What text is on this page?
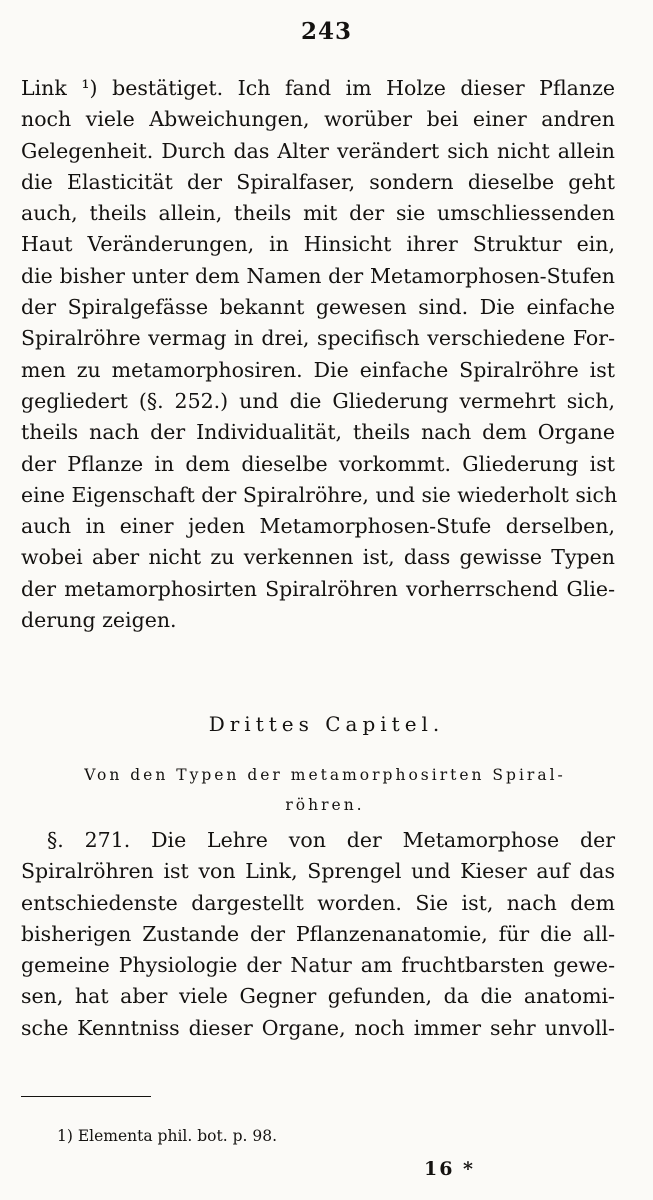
243
Link ¹) bestätiget. Ich fand im Holze dieser Pflanze
noch viele Abweichungen, worüber bei einer andren
Gelegenheit. Durch das Alter verändert sich nicht allein
die Elasticität der Spiralfaser, sondern dieselbe geht
auch, theils allein, theils mit der sie umschliessenden
Haut Veränderungen, in Hinsicht ihrer Struktur ein,
die bisher unter dem Namen der Metamorphosen-Stufen
der Spiralgefässe bekannt gewesen sind. Die einfache
Spiralröhre vermag in drei, specifisch verschiedene For-
men zu metamorphosiren. Die einfache Spiralröhre ist
gegliedert (§. 252.) und die Gliederung vermehrt sich,
theils nach der Individualität, theils nach dem Organe
der Pflanze in dem dieselbe vorkommt. Gliederung ist
eine Eigenschaft der Spiralröhre, und sie wiederholt sich
auch in einer jeden Metamorphosen-Stufe derselben,
wobei aber nicht zu verkennen ist, dass gewisse Typen
der metamorphosirten Spiralröhren vorherrschend Glie-
derung zeigen.
Drittes Capitel.
Von den Typen der metamorphosirten Spiral-
röhren.
§. 271. Die Lehre von der Metamorphose der
Spiralröhren ist von Link, Sprengel und Kieser auf das
entschiedenste dargestellt worden. Sie ist, nach dem
bisherigen Zustande der Pflanzenanatomie, für die all-
gemeine Physiologie der Natur am fruchtbarsten gewe-
sen, hat aber viele Gegner gefunden, da die anatomi-
sche Kenntniss dieser Organe, noch immer sehr unvoll-
1) Elementa phil. bot. p. 98.
16 *
